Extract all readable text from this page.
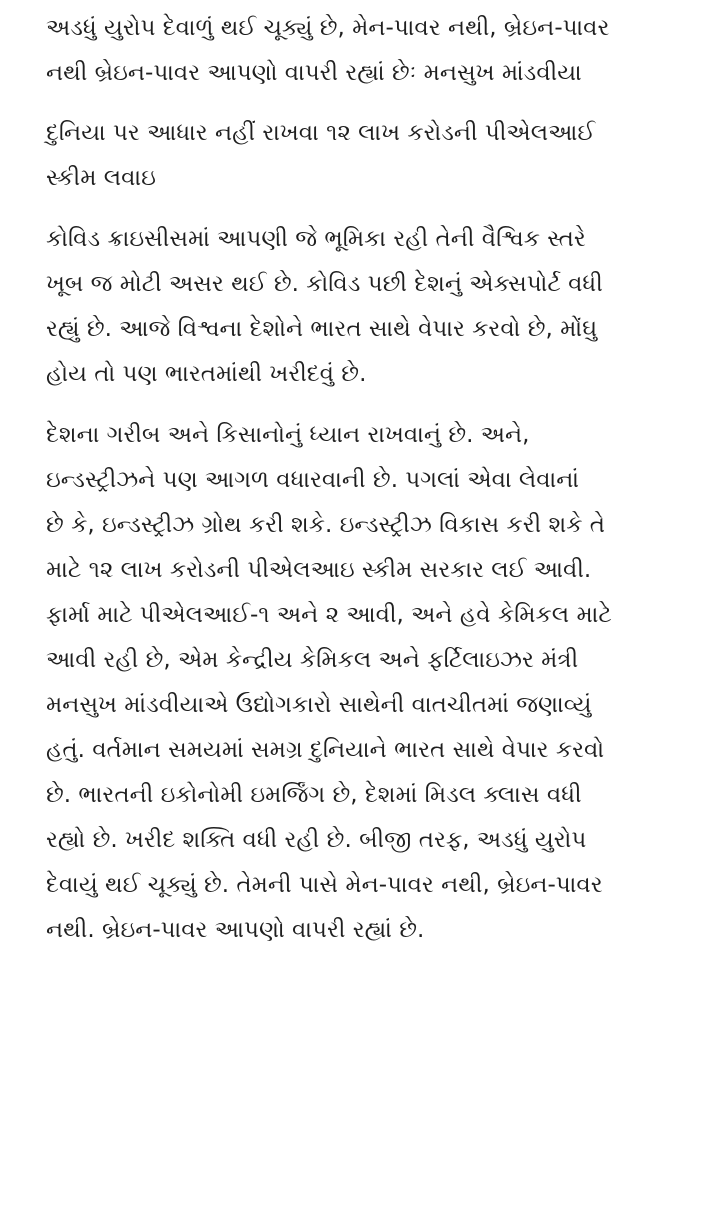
અડધું યુરોપ દેવાળું થઈ ચૂક્યું છે, મેન-પાવર નથી, બ્રેઇન-પાવર
નથી બ્રેઇન-પાવર આપણો વાપરી રહ્યાં છેઃ મનસુખ માંડવીયા
દુનિયા પર આધાર નહીં રાખવા ૧૨ લાખ કરોડની પીએલઆઈ
સ્કીમ લવાઇ
કોવિડ ક્રાઇસીસમાં આપણી જે ભૂમિકા રહી તેની વૈશ્વિક સ્તરે
ખૂબ જ મોટી અસર થઈ છે. કોવિડ પછી દેશનું એક્સપોર્ટ વધી
રહ્યું છે. આજે વિશ્વના દેશોને ભારત સાથે વેપાર કરવો છે, મોંઘુ
હોય તો પણ ભારતમાંથી ખરીદવું છે.
દેશના ગરીબ અને કિસાનોનું ધ્યાન રાખવાનું છે. અને,
ઇન્ડસ્ટ્રીઝને પણ આગળ વધારવાની છે. પગલાં એવા લેવાનાં
છે કે, ઇન્ડસ્ટ્રીઝ ગ્રોથ કરી શકે. ઇન્ડસ્ટ્રીઝ વિકાસ કરી શકે તે
માટે ૧૨ લાખ કરોડની પીએલઆઇ સ્કીમ સરકાર લઈ આવી.
ફાર્મા માટે પીએલઆઈ-૧ અને ૨ આવી, અને હવે કેમિકલ માટે
આવી રહી છે, એમ કેન્દ્રીય કેમિકલ અને ફર્ટિલાઇઝર મંત્રી
મનસુખ માંડવીયાએ ઉદ્યોગકારો સાથેની વાતચીતમાં જણાવ્યું
હતું. વર્તમાન સમયમાં સમગ્ર દુનિયાને ભારત સાથે વેપાર કરવો
છે. ભારતની ઇકોનોમી ઇમર્જિંગ છે, દેશમાં મિડલ ક્લાસ વધી
રહ્યો છે. ખરીદ શક્તિ વધી રહી છે. બીજી તરફ, અડધું યુરોપ
દેવાયું થઈ ચૂક્યું છે. તેમની પાસે મેન-પાવર નથી, બ્રેઇન-પાવર
નથી. બ્રેઇન-પાવર આપણો વાપરી રહ્યાં છે.
